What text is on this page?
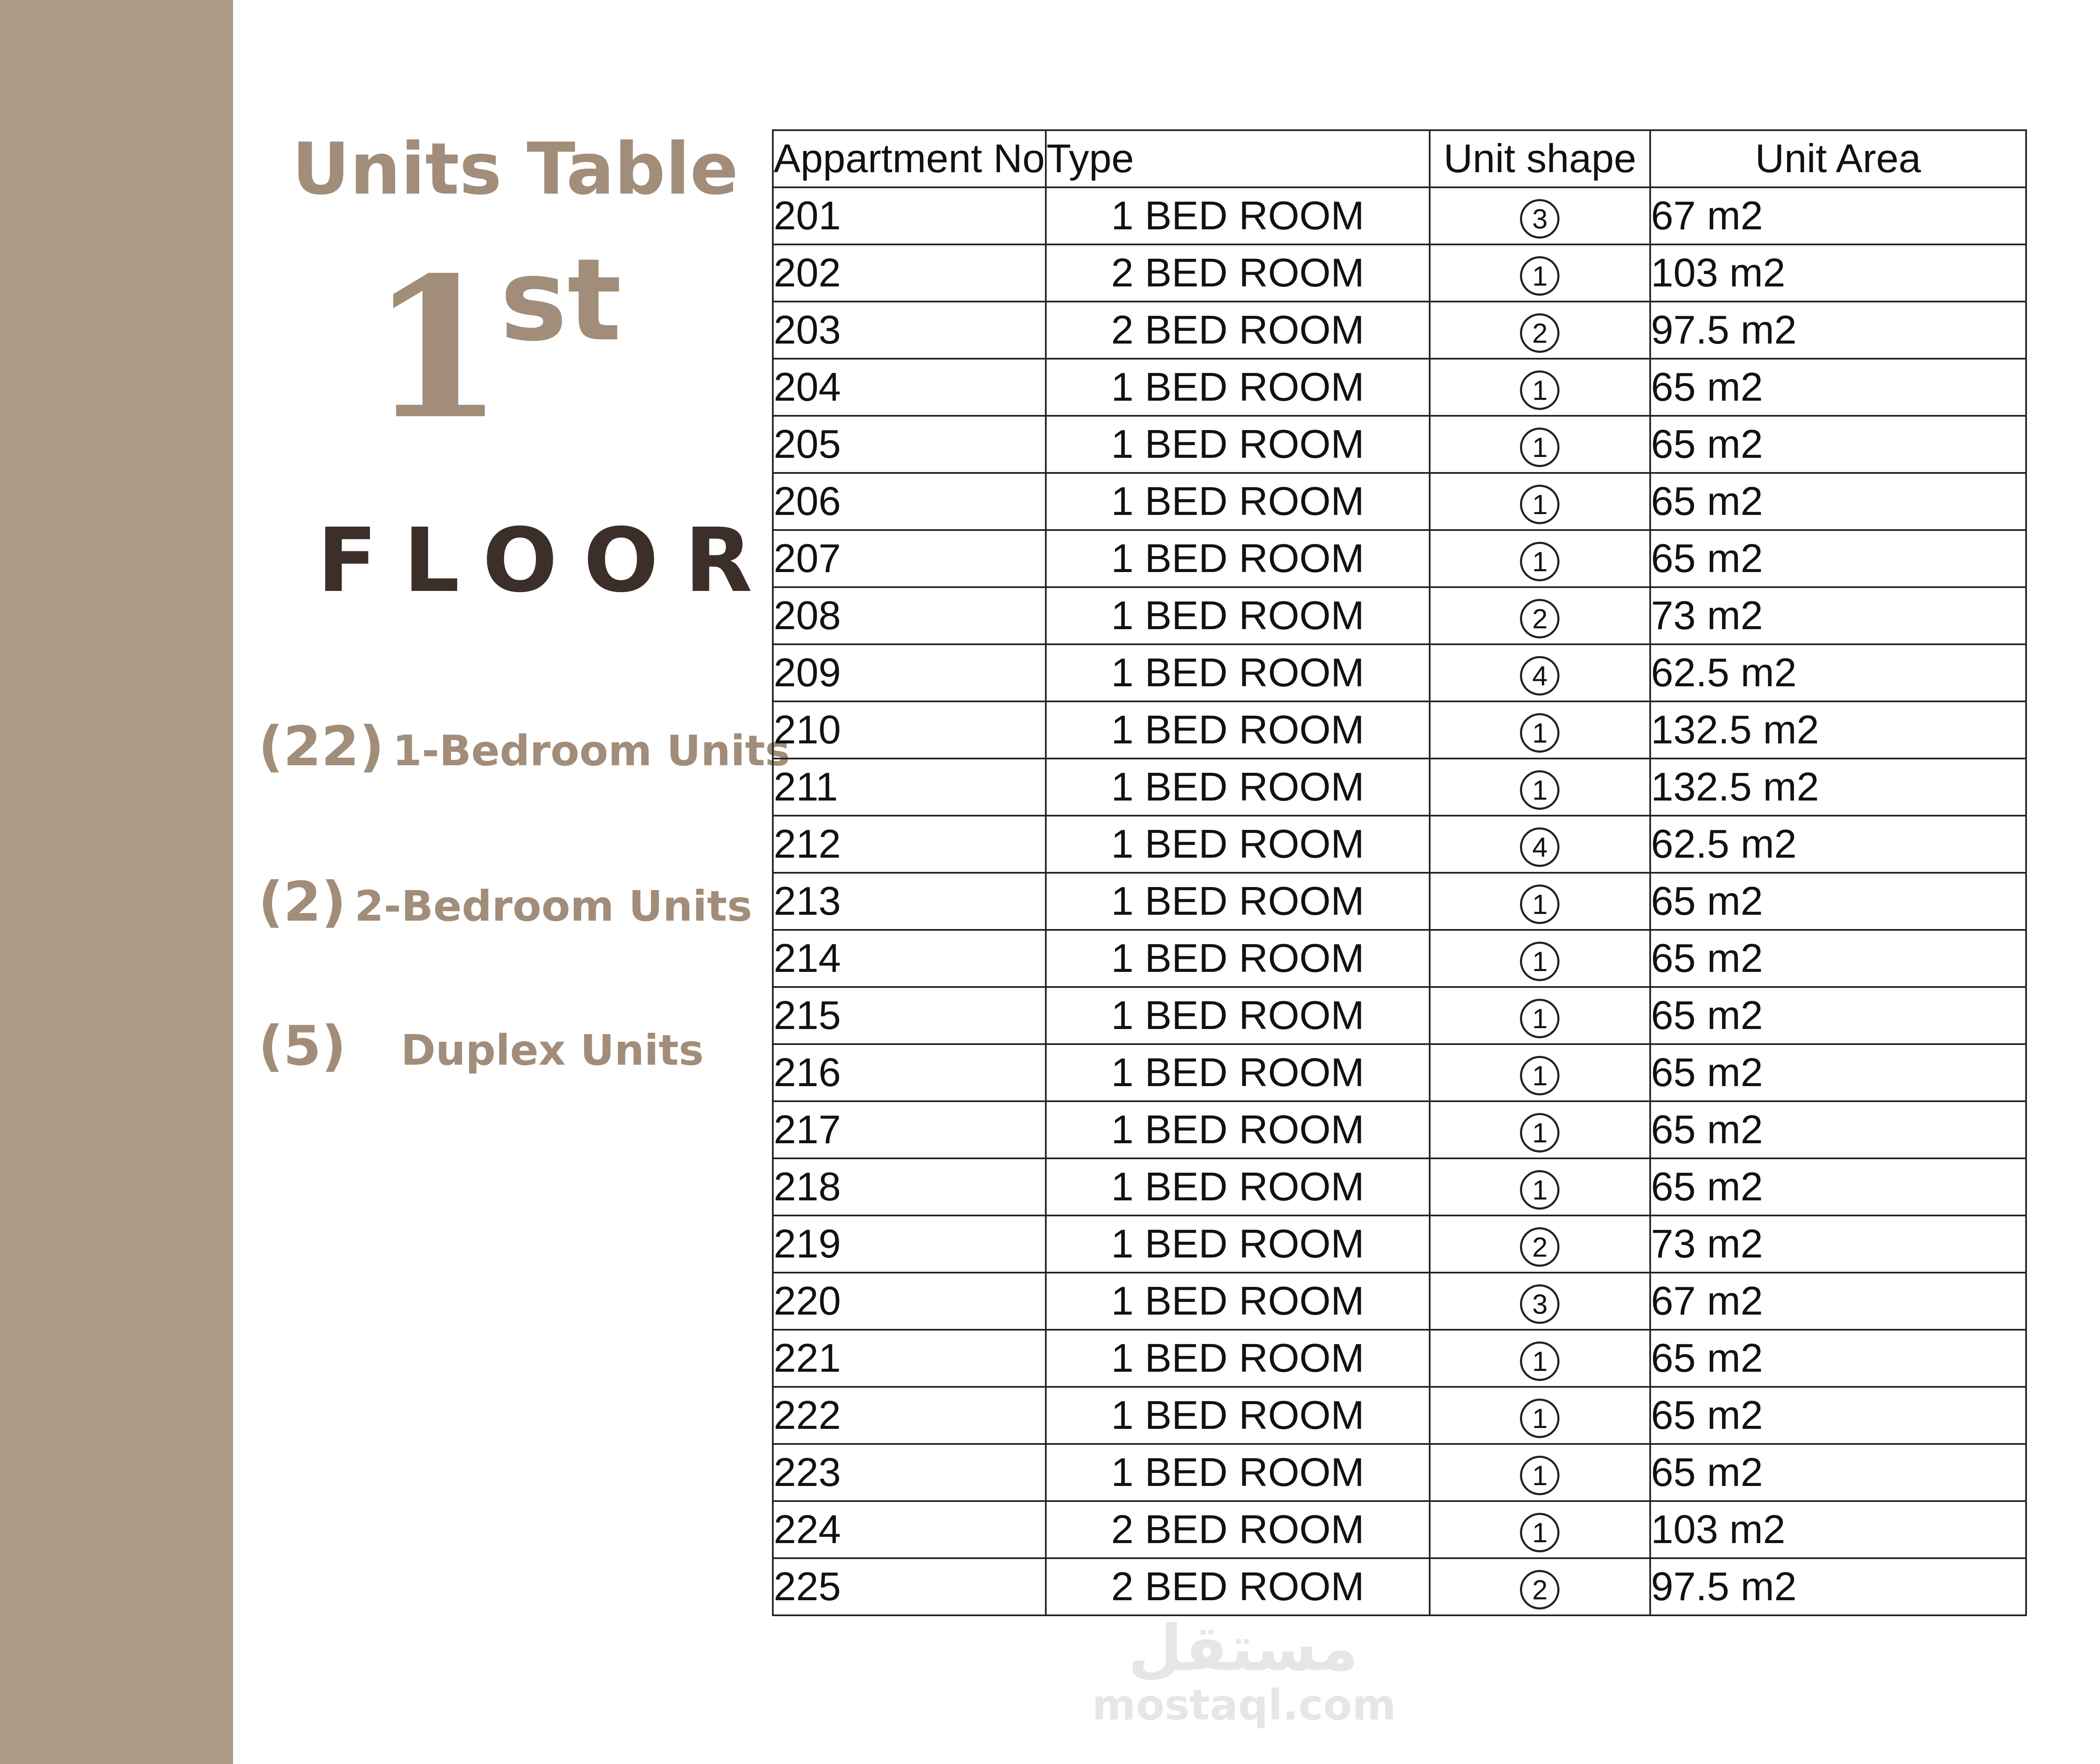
Units Table
1st
FLOOR
(22) 1-Bedroom Units
(2) 2-Bedroom Units
(5) Duplex Units
Appartment No	Type	Unit shape	Unit Area
201	1 BED ROOM	3	67 m2
202	2 BED ROOM	1	103 m2
203	2 BED ROOM	2	97.5 m2
204	1 BED ROOM	1	65 m2
205	1 BED ROOM	1	65 m2
206	1 BED ROOM	1	65 m2
207	1 BED ROOM	1	65 m2
208	1 BED ROOM	2	73 m2
209	1 BED ROOM	4	62.5 m2
210	1 BED ROOM	1	132.5 m2
211	1 BED ROOM	1	132.5 m2
212	1 BED ROOM	4	62.5 m2
213	1 BED ROOM	1	65 m2
214	1 BED ROOM	1	65 m2
215	1 BED ROOM	1	65 m2
216	1 BED ROOM	1	65 m2
217	1 BED ROOM	1	65 m2
218	1 BED ROOM	1	65 m2
219	1 BED ROOM	2	73 m2
220	1 BED ROOM	3	67 m2
221	1 BED ROOM	1	65 m2
222	1 BED ROOM	1	65 m2
223	1 BED ROOM	1	65 m2
224	2 BED ROOM	1	103 m2
225	2 BED ROOM	2	97.5 m2
مستقل
mostaql.com
